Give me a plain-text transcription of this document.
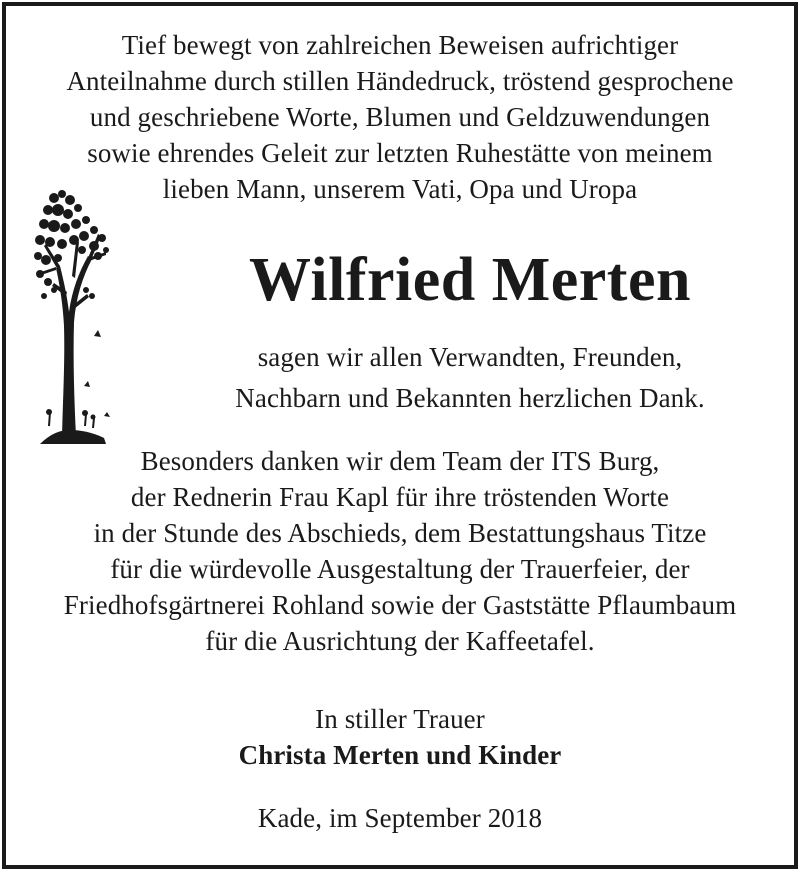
Tief bewegt von zahlreichen Beweisen aufrichtiger
Anteilnahme durch stillen Händedruck, tröstend gesprochene
und geschriebene Worte, Blumen und Geldzuwendungen
sowie ehrendes Geleit zur letzten Ruhestätte von meinem
lieben Mann, unserem Vati, Opa und Uropa
Wilfried Merten
sagen wir allen Verwandten, Freunden,
Nachbarn und Bekannten herzlichen Dank.
Besonders danken wir dem Team der ITS Burg,
der Rednerin Frau Kapl für ihre tröstenden Worte
in der Stunde des Abschieds, dem Bestattungshaus Titze
für die würdevolle Ausgestaltung der Trauerfeier, der
Friedhofsgärtnerei Rohland sowie der Gaststätte Pflaumbaum
für die Ausrichtung der Kaffeetafel.
In stiller Trauer
Christa Merten und Kinder
Kade, im September 2018
